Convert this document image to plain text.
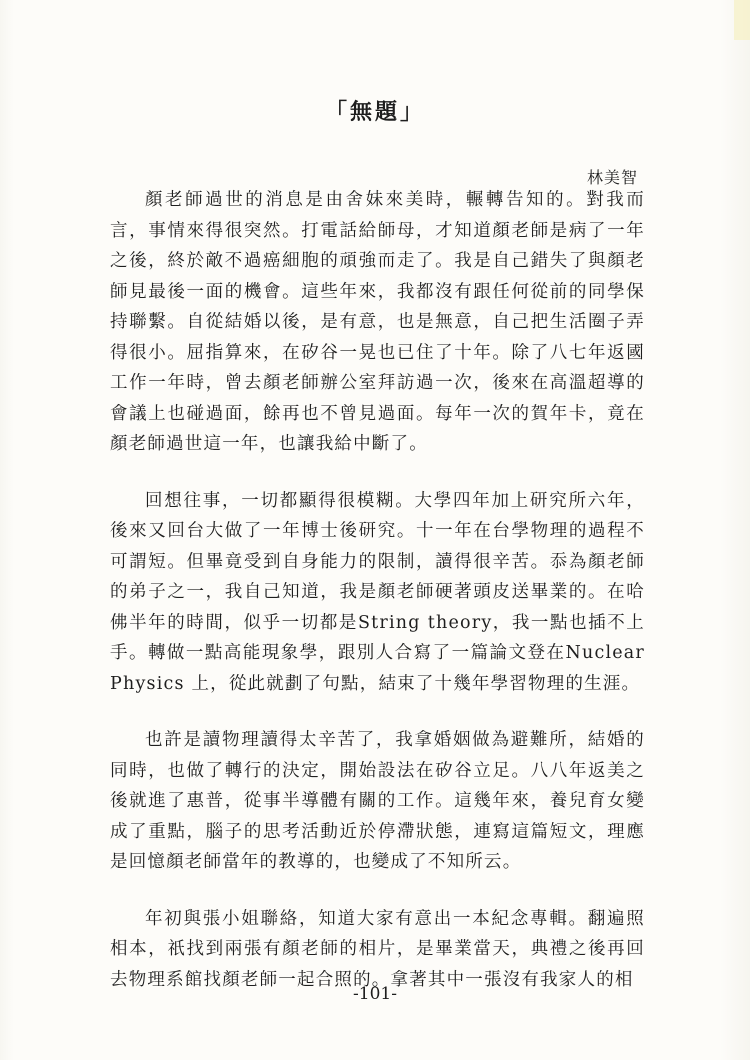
「無題」

林美智

顏老師過世的消息是由舍妹來美時，輾轉告知的。對我而言，事情來得很突然。打電話給師母，才知道顏老師是病了一年之後，終於敵不過癌細胞的頑強而走了。我是自己錯失了與顏老師見最後一面的機會。這些年來，我都沒有跟任何從前的同學保持聯繫。自從結婚以後，是有意，也是無意，自己把生活圈子弄得很小。屈指算來，在矽谷一晃也已住了十年。除了八七年返國工作一年時，曾去顏老師辦公室拜訪過一次，後來在高溫超導的會議上也碰過面，餘再也不曾見過面。每年一次的賀年卡，竟在顏老師過世這一年，也讓我給中斷了。

回想往事，一切都顯得很模糊。大學四年加上研究所六年，後來又回台大做了一年博士後研究。十一年在台學物理的過程不可謂短。但畢竟受到自身能力的限制，讀得很辛苦。忝為顏老師的弟子之一，我自己知道，我是顏老師硬著頭皮送畢業的。在哈佛半年的時間，似乎一切都是String theory，我一點也插不上手。轉做一點高能現象學，跟別人合寫了一篇論文登在Nuclear Physics 上，從此就劃了句點，結束了十幾年學習物理的生涯。

也許是讀物理讀得太辛苦了，我拿婚姻做為避難所，結婚的同時，也做了轉行的決定，開始設法在矽谷立足。八八年返美之後就進了惠普，從事半導體有關的工作。這幾年來，養兒育女變成了重點，腦子的思考活動近於停滯狀態，連寫這篇短文，理應是回憶顏老師當年的教導的，也變成了不知所云。

年初與張小姐聯絡，知道大家有意出一本紀念專輯。翻遍照相本，祇找到兩張有顏老師的相片，是畢業當天，典禮之後再回去物理系館找顏老師一起合照的。拿著其中一張沒有我家人的相

-101-
